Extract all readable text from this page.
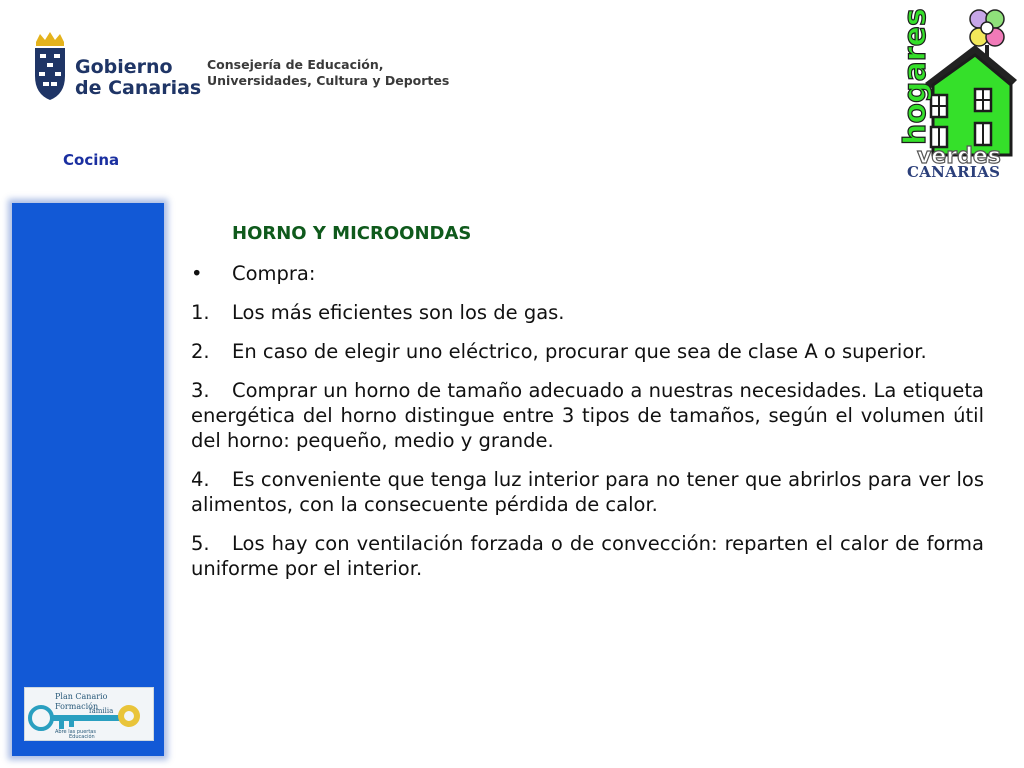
Gobierno
de Canarias
Consejería de Educación,
Universidades, Cultura y Deportes
Cocina
hogares
verdes
CANARIAS
Plan Canario
Formación
familia
Abre las puertas
Educación
HORNO Y MICROONDAS
•	Compra:
1. Los más eficientes son los de gas.
2. En caso de elegir uno eléctrico, procurar que sea de clase A o superior.
3. Comprar un horno de tamaño adecuado a nuestras necesidades. La etiqueta energética del horno distingue entre 3 tipos de tamaños, según el volumen útil del horno: pequeño, medio y grande.
4. Es conveniente que tenga luz interior para no tener que abrirlos para ver los alimentos, con la consecuente pérdida de calor.
5. Los hay con ventilación forzada o de convección: reparten el calor de forma uniforme por el interior.
